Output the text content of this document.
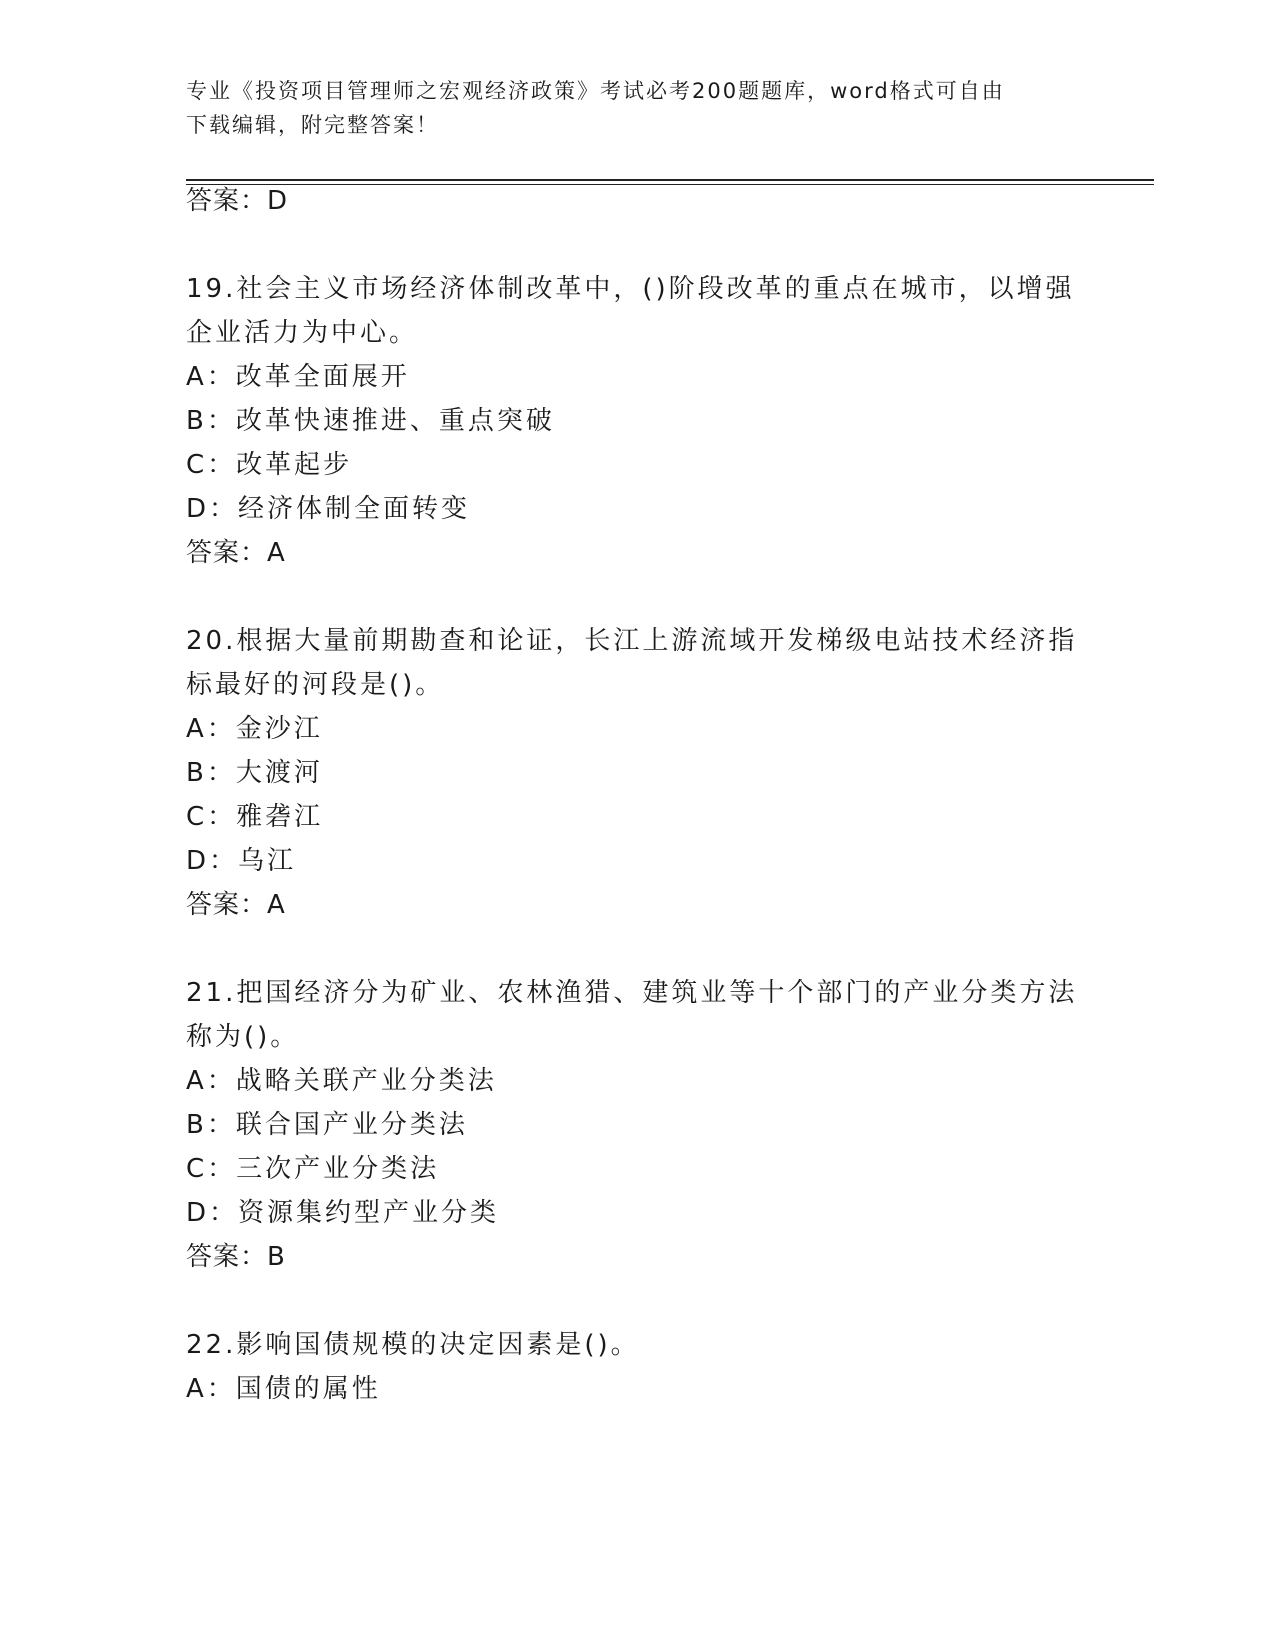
专业《投资项目管理师之宏观经济政策》考试必考200题题库，word格式可自由
下载编辑，附完整答案！
答案：D
19.社会主义市场经济体制改革中，()阶段改革的重点在城市，以增强
企业活力为中心。
A：改革全面展开
B：改革快速推进、重点突破
C：改革起步
D：经济体制全面转变
答案：A
20.根据大量前期勘查和论证，长江上游流域开发梯级电站技术经济指
标最好的河段是()。
A：金沙江
B：大渡河
C：雅砻江
D：乌江
答案：A
21.把国经济分为矿业、农林渔猎、建筑业等十个部门的产业分类方法
称为()。
A：战略关联产业分类法
B：联合国产业分类法
C：三次产业分类法
D：资源集约型产业分类
答案：B
22.影响国债规模的决定因素是()。
A：国债的属性
